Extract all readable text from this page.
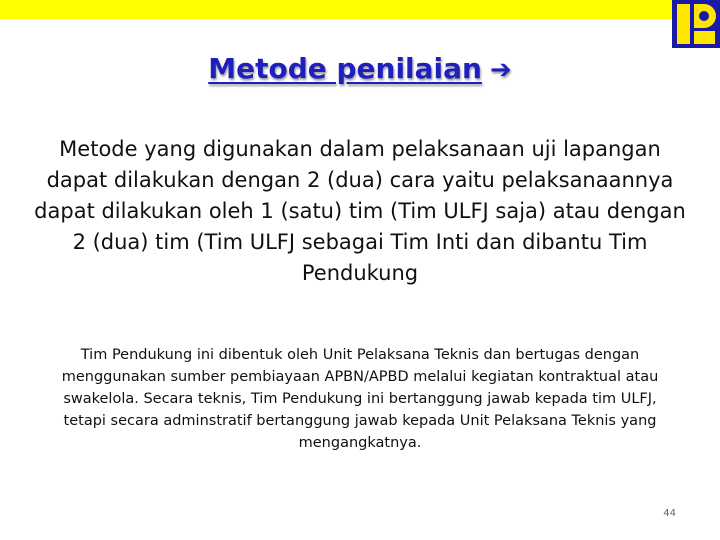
Metode penilaian ➔
Metode yang digunakan dalam pelaksanaan uji lapangan dapat dilakukan dengan 2 (dua) cara yaitu pelaksanaannya dapat dilakukan oleh 1 (satu) tim (Tim ULFJ saja) atau dengan 2 (dua) tim (Tim ULFJ sebagai Tim Inti dan dibantu Tim Pendukung
Tim Pendukung ini dibentuk oleh Unit Pelaksana Teknis dan bertugas dengan menggunakan sumber pembiayaan APBN/APBD melalui kegiatan kontraktual atau swakelola. Secara teknis, Tim Pendukung ini bertanggung jawab kepada tim ULFJ, tetapi secara adminstratif bertanggung jawab kepada Unit Pelaksana Teknis yang mengangkatnya.
44
